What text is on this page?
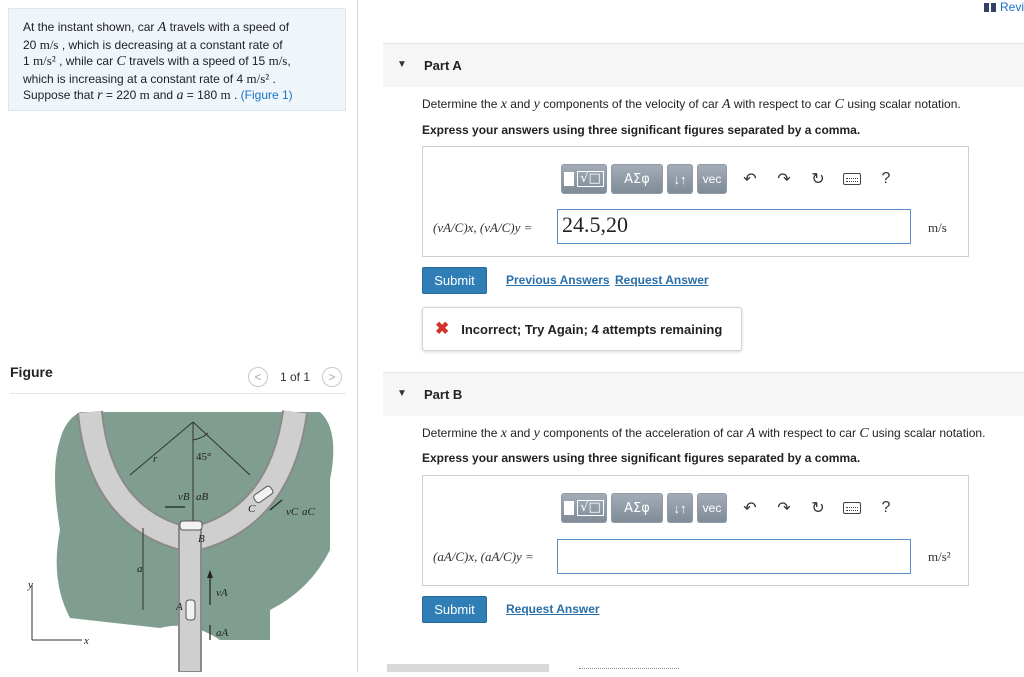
At the instant shown, car A travels with a speed of
20 m/s , which is decreasing at a constant rate of
1 m/s² , while car C travels with a speed of 15 m/s,
which is increasing at a constant rate of 4 m/s² .
Suppose that r = 220 m and a = 180 m . (Figure 1)
Figure	<	1 of 1	>
r	45°
vB aB
C	vC aC
B
a
A
vA
aA
y
x
Revi
▼ Part A
Determine the x and y components of the velocity of car A with respect to car C using scalar notation.
Express your answers using three significant figures separated by a comma.
√□	ΑΣφ	↓↑	vec	↶	↷	↻	?
(vA/C)x, (vA/C)y = 24.5,20	m/s
Submit	Previous Answers Request Answer
✖ Incorrect; Try Again; 4 attempts remaining
▼ Part B
Determine the x and y components of the acceleration of car A with respect to car C using scalar notation.
Express your answers using three significant figures separated by a comma.
√□	ΑΣφ	↓↑	vec	↶	↷	↻	?
(aA/C)x, (aA/C)y =	m/s²
Submit	Request Answer
